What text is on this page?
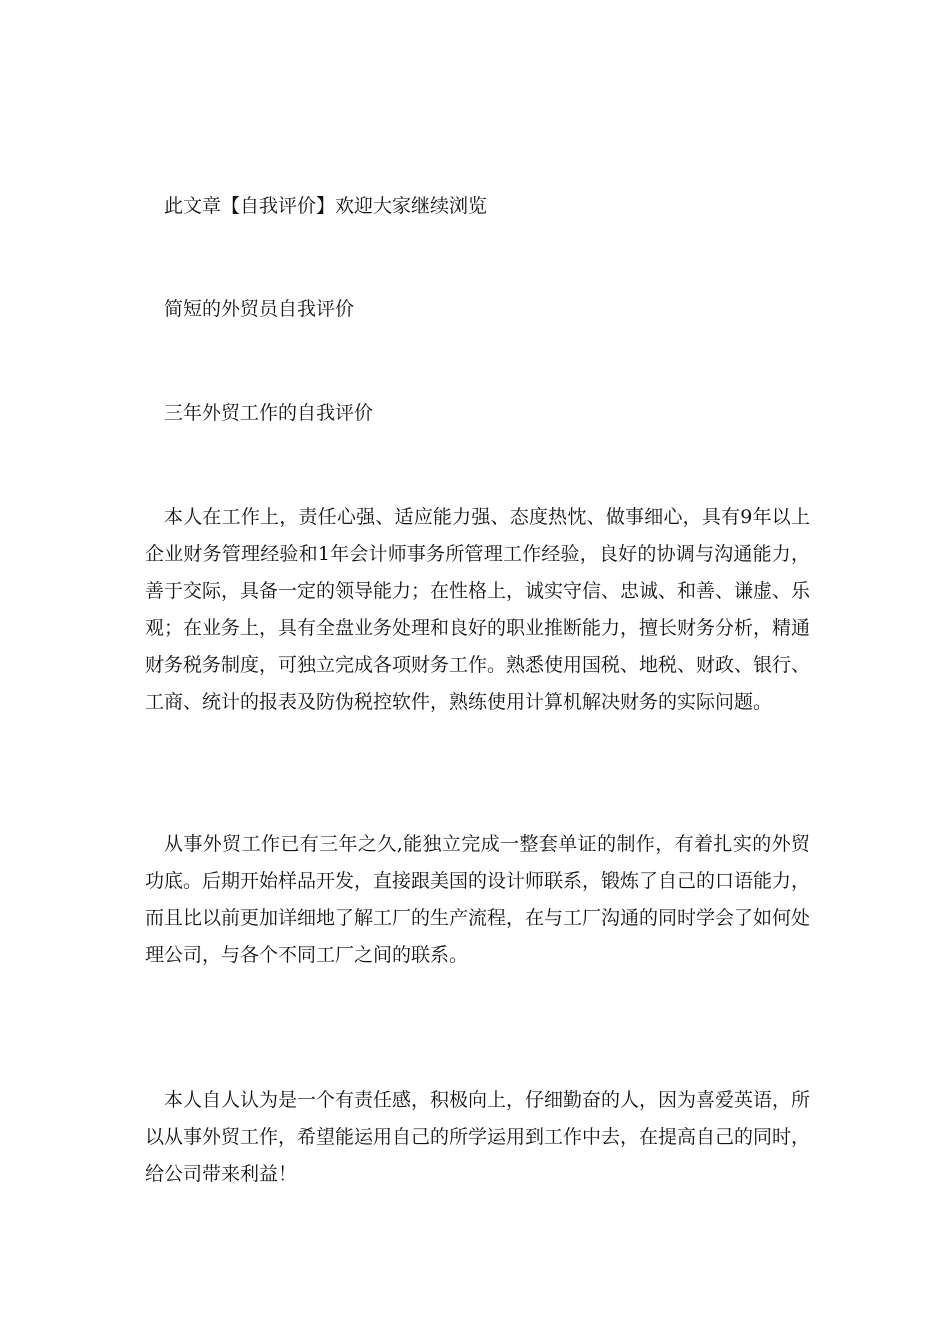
此文章【自我评价】欢迎大家继续浏览

简短的外贸员自我评价

三年外贸工作的自我评价

本人在工作上，责任心强、适应能力强、态度热忱、做事细心，具有9年以上企业财务管理经验和1年会计师事务所管理工作经验，良好的协调与沟通能力，善于交际，具备一定的领导能力；在性格上，诚实守信、忠诚、和善、谦虚、乐观；在业务上，具有全盘业务处理和良好的职业推断能力，擅长财务分析，精通财务税务制度，可独立完成各项财务工作。熟悉使用国税、地税、财政、银行、工商、统计的报表及防伪税控软件，熟练使用计算机解决财务的实际问题。

从事外贸工作已有三年之久,能独立完成一整套单证的制作，有着扎实的外贸功底。后期开始样品开发，直接跟美国的设计师联系，锻炼了自己的口语能力，而且比以前更加详细地了解工厂的生产流程，在与工厂沟通的同时学会了如何处理公司，与各个不同工厂之间的联系。

本人自人认为是一个有责任感，积极向上，仔细勤奋的人，因为喜爱英语，所以从事外贸工作，希望能运用自己的所学运用到工作中去，在提高自己的同时，给公司带来利益！
